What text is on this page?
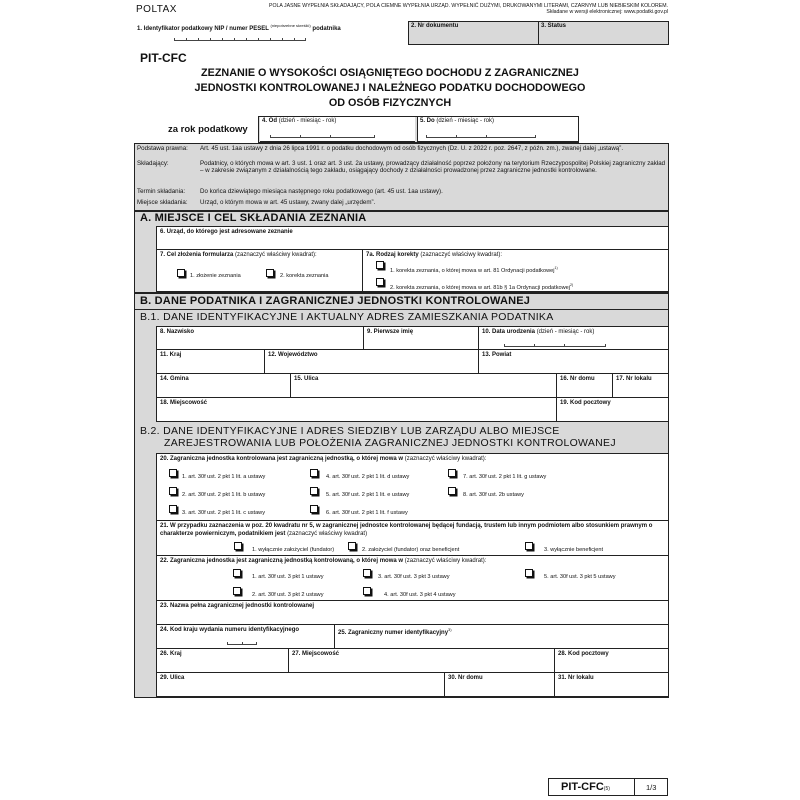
POLTAX	POLA JASNE WYPEŁNIA SKŁADAJĄCY, POLA CIEMNE WYPEŁNIA URZĄD. WYPEŁNIĆ DUŻYMI, DRUKOWANYMI LITERAMI, CZARNYM LUB NIEBIESKIM KOLOREM.
Składane w wersji elektronicznej: www.podatki.gov.pl
1. Identyfikator podatkowy NIP / numer PESEL $^{(niepotrzebne skreślić)}$ podatnika	2. Nr dokumentu	3. Status
PIT-CFC
ZEZNANIE O WYSOKOŚCI OSIĄGNIĘTEGO DOCHODU Z ZAGRANICZNEJ
JEDNOSTKI KONTROLOWANEJ I NALEŻNEGO PODATKU DOCHODOWEGO
OD OSÓB FIZYCZNYCH
za rok podatkowy
4. Od (dzień - miesiąc - rok)	5. Do (dzień - miesiąc - rok)
Podstawa prawna: Art. 45 ust. 1aa ustawy z dnia 26 lipca 1991 r. o podatku dochodowym od osób fizycznych (Dz. U. z 2022 r. poz. 2647, z późn. zm.), zwanej dalej „ustawą”.
Składający:	Podatnicy, o których mowa w art. 3 ust. 1 oraz art. 3 ust. 2a ustawy, prowadzący działalność poprzez położony na terytorium Rzeczypospolitej Polskiej zagraniczny zakład – w zakresie związanym z działalnością tego zakładu, osiągający dochody z działalności prowadzonej przez zagraniczne jednostki kontrolowane.
Termin składania: Do końca dziewiątego miesiąca następnego roku podatkowego (art. 45 ust. 1aa ustawy).
Miejsce składania: Urząd, o którym mowa w art. 45 ustawy, zwany dalej „urzędem”.
A. MIEJSCE I CEL SKŁADANIA ZEZNANIA
6. Urząd, do którego jest adresowane zeznanie
7. Cel złożenia formularza (zaznaczyć właściwy kwadrat):
1. złożenie zeznania	2. korekta zeznania
7a. Rodzaj korekty (zaznaczyć właściwy kwadrat):
1. korekta zeznania, o której mowa w art. 81 Ordynacji podatkowej$^{1)}$
2. korekta zeznania, o której mowa w art. 81b § 1a Ordynacji podatkowej$^{2)}$
B. DANE PODATNIKA I ZAGRANICZNEJ JEDNOSTKI KONTROLOWANEJ
B.1. DANE IDENTYFIKACYJNE I AKTUALNY ADRES ZAMIESZKANIA PODATNIKA
8. Nazwisko	9. Pierwsze imię	10. Data urodzenia (dzień - miesiąc - rok)
11. Kraj	12. Województwo	13. Powiat
14. Gmina	15. Ulica	16. Nr domu	17. Nr lokalu
18. Miejscowość	19. Kod pocztowy
B.2. DANE IDENTYFIKACYJNE I ADRES SIEDZIBY LUB ZARZĄDU ALBO MIEJSCE
ZAREJESTROWANIA LUB POŁOŻENIA ZAGRANICZNEJ JEDNOSTKI KONTROLOWANEJ
20. Zagraniczna jednostka kontrolowana jest zagraniczną jednostką, o której mowa w (zaznaczyć właściwy kwadrat):
1. art. 30f ust. 2 pkt 1 lit. a ustawy	4. art. 30f ust. 2 pkt 1 lit. d ustawy	7. art. 30f ust. 2 pkt 1 lit. g ustawy
2. art. 30f ust. 2 pkt 1 lit. b ustawy	5. art. 30f ust. 2 pkt 1 lit. e ustawy	8. art. 30f ust. 2b ustawy
3. art. 30f ust. 2 pkt 1 lit. c ustawy	6. art. 30f ust. 2 pkt 1 lit. f ustawy
21. W przypadku zaznaczenia w poz. 20 kwadratu nr 5, w zagranicznej jednostce kontrolowanej będącej fundacją, trustem lub innym podmiotem albo stosunkiem prawnym o charakterze powierniczym, podatnikiem jest (zaznaczyć właściwy kwadrat)
1. wyłącznie założyciel (fundator)	2. założyciel (fundator) oraz beneficjent	3. wyłącznie beneficjent
22. Zagraniczna jednostka jest zagraniczną jednostką kontrolowaną, o której mowa w (zaznaczyć właściwy kwadrat):
1. art. 30f ust. 3 pkt 1 ustawy	3. art. 30f ust. 3 pkt 3 ustawy	5. art. 30f ust. 3 pkt 5 ustawy
2. art. 30f ust. 3 pkt 2 ustawy	4. art. 30f ust. 3 pkt 4 ustawy
23. Nazwa pełna zagranicznej jednostki kontrolowanej
24. Kod kraju wydania numeru identyfikacyjnego	25. Zagraniczny numer identyfikacyjny$^{3)}$
26. Kraj	27. Miejscowość	28. Kod pocztowy
29. Ulica	30. Nr domu	31. Nr lokalu
PIT-CFC(5)	1/3
